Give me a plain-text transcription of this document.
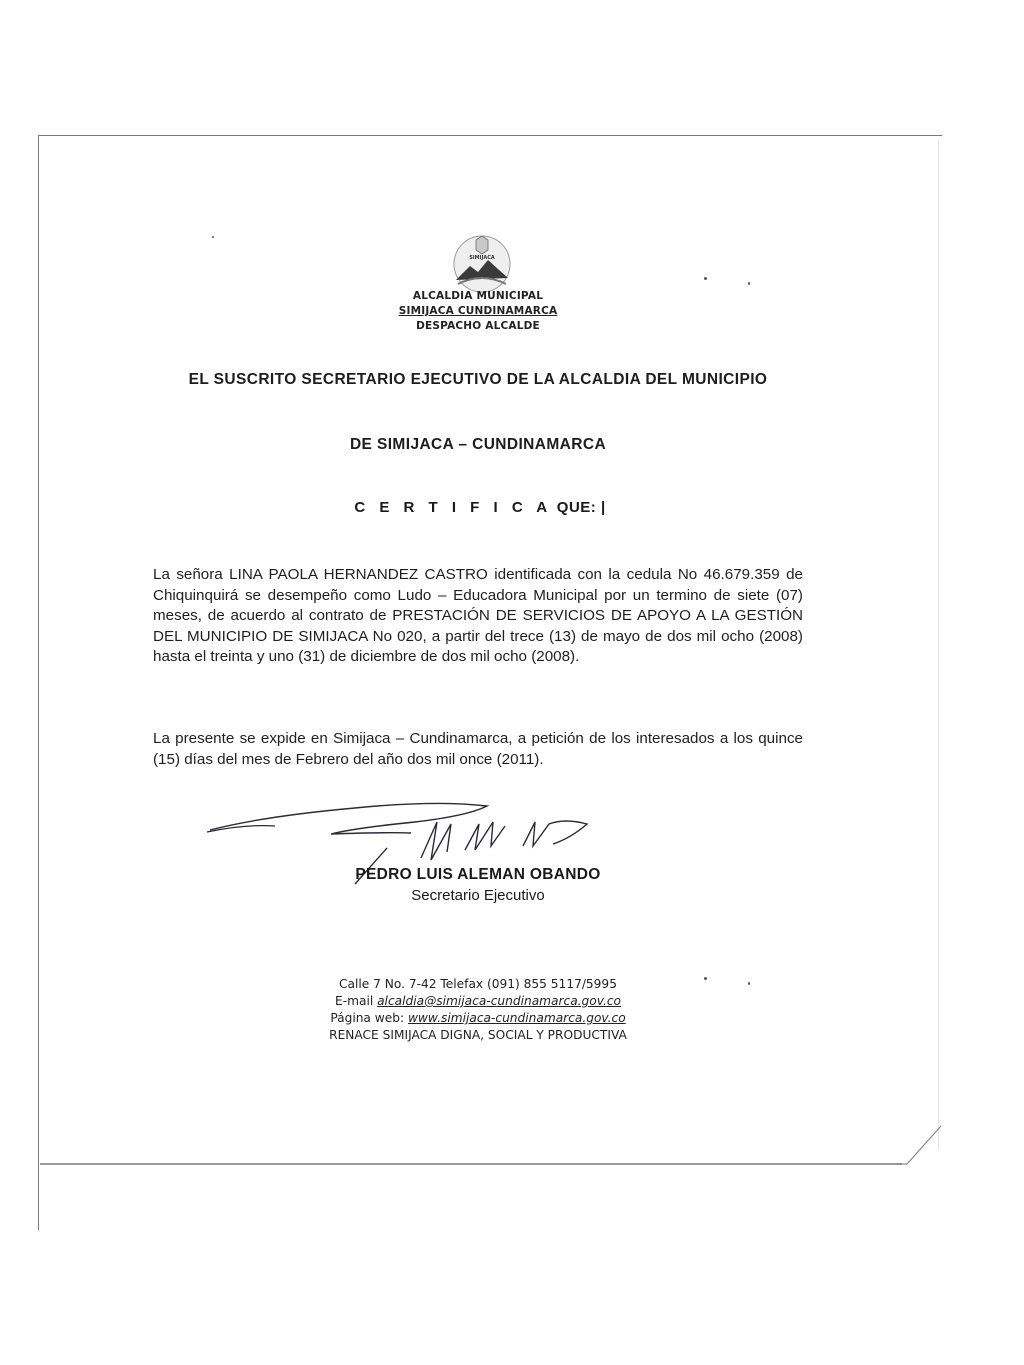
SIMIJACA
ALCALDIA MUNICIPAL
SIMIJACA CUNDINAMARCA
DESPACHO ALCALDE
EL SUSCRITO SECRETARIO EJECUTIVO DE LA ALCALDIA DEL MUNICIPIO
DE SIMIJACA – CUNDINAMARCA
C E R T I F I C A QUE: |
La señora LINA PAOLA HERNANDEZ CASTRO identificada con la cedula No 46.679.359 de Chiquinquirá se desempeño como Ludo – Educadora Municipal por un termino de siete (07) meses, de acuerdo al contrato de PRESTACIÓN DE SERVICIOS DE APOYO A LA GESTIÓN DEL MUNICIPIO DE SIMIJACA No 020, a partir del trece (13) de mayo de dos mil ocho (2008) hasta el treinta y uno (31) de diciembre de dos mil ocho (2008).
La presente se expide en Simijaca – Cundinamarca, a petición de los interesados a los quince (15) días del mes de Febrero del año dos mil once (2011).
PEDRO LUIS ALEMAN OBANDO
Secretario Ejecutivo
Calle 7 No. 7-42 Telefax (091) 855 5117/5995
E-mail alcaldia@simijaca-cundinamarca.gov.co
Página web: www.simijaca-cundinamarca.gov.co
RENACE SIMIJACA DIGNA, SOCIAL Y PRODUCTIVA
